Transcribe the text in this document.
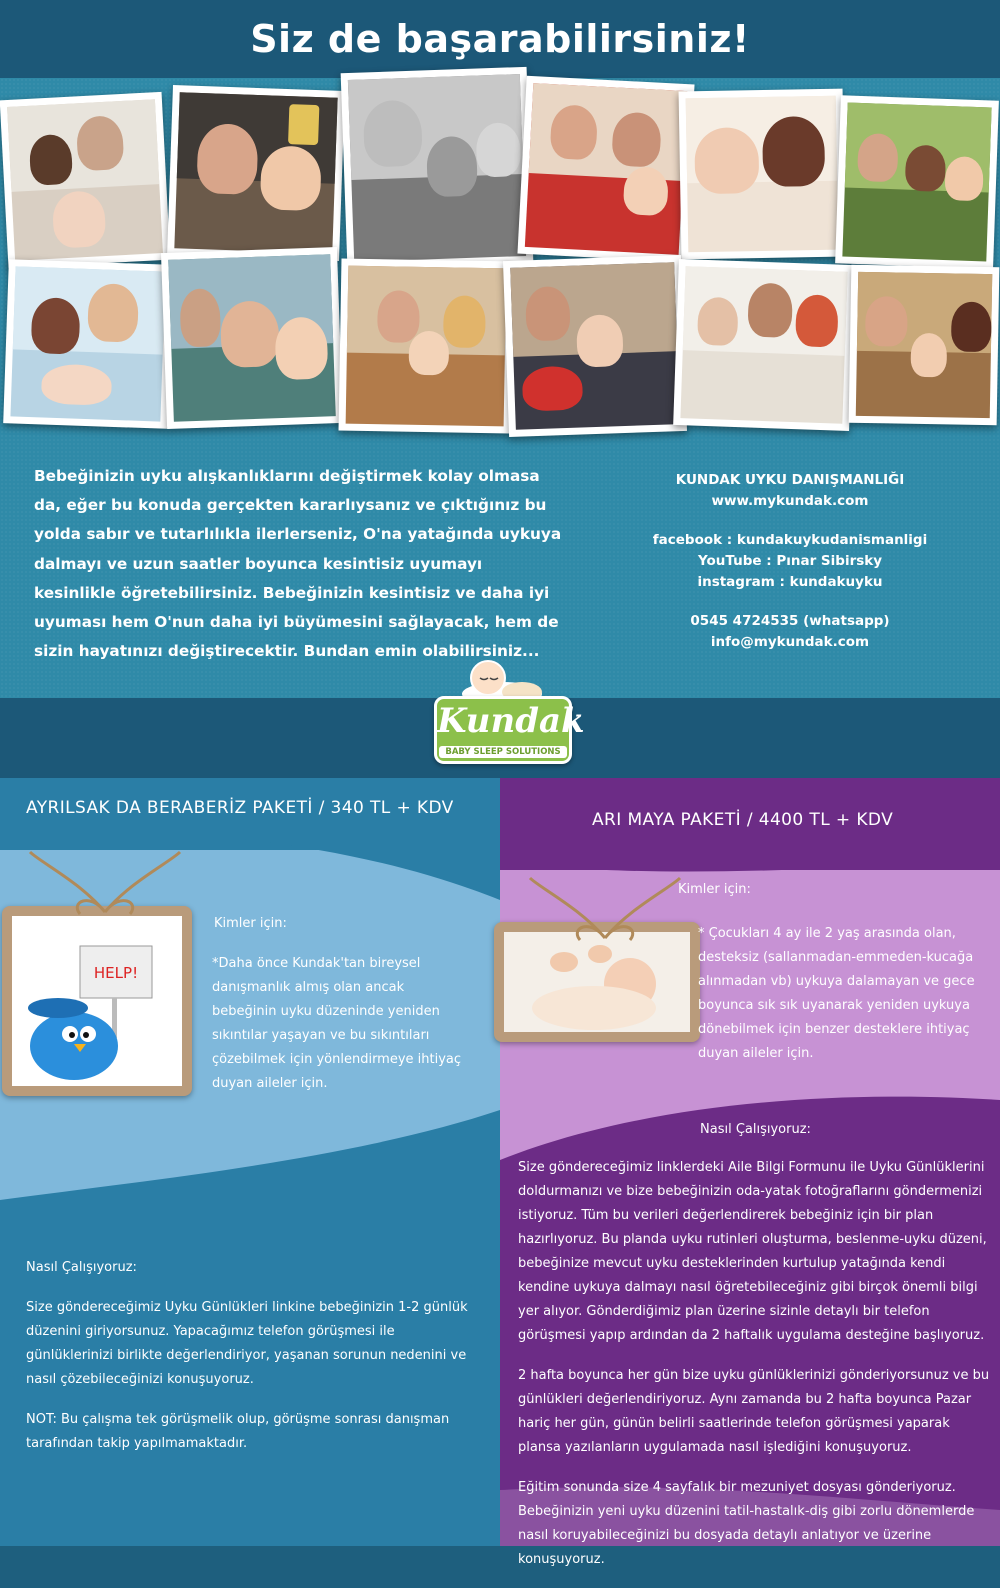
Siz de başarabilirsiniz!
Bebeğinizin uyku alışkanlıklarını değiştirmek kolay olmasa da, eğer bu konuda gerçekten kararlıysanız ve çıktığınız bu yolda sabır ve tutarlılıkla ilerlerseniz, O'na yatağında uykuya dalmayı ve uzun saatler boyunca kesintisiz uyumayı kesinlikle öğretebilirsiniz. Bebeğinizin kesintisiz ve daha iyi uyuması hem O'nun daha iyi büyümesini sağlayacak, hem de sizin hayatınızı değiştirecektir. Bundan emin olabilirsiniz...
KUNDAK UYKU DANIŞMANLIĞI
www.mykundak.com
facebook : kundakuykudanismanligi
YouTube : Pınar Sibirsky
instagram : kundakuyku
0545 4724535 (whatsapp)
info@mykundak.com
AYRILSAK DA BERABERİZ PAKETİ / 340 TL + KDV
ARI MAYA PAKETİ / 4400 TL + KDV
HELP!
Kimler için:
*Daha önce Kundak'tan bireysel danışmanlık almış olan ancak bebeğinin uyku düzeninde yeniden sıkıntılar yaşayan ve bu sıkıntıları çözebilmek için yönlendirmeye ihtiyaç duyan aileler için.
Nasıl Çalışıyoruz:

Size göndereceğimiz Uyku Günlükleri linkine bebeğinizin 1-2 günlük düzenini giriyorsunuz. Yapacağımız telefon görüşmesi ile günlüklerinizi birlikte değerlendiriyor, yaşanan sorunun nedenini ve nasıl çözebileceğinizi konuşuyoruz.

NOT: Bu çalışma tek görüşmelik olup, görüşme sonrası danışman tarafından takip yapılmamaktadır.

Kimler için:
* Çocukları 4 ay ile 2 yaş arasında olan, desteksiz (sallanmadan-emmeden-kucağa alınmadan vb) uykuya dalamayan ve gece boyunca sık sık uyanarak yeniden uykuya dönebilmek için benzer desteklere ihtiyaç duyan aileler için.
Nasıl Çalışıyoruz:

Size göndereceğimiz linklerdeki Aile Bilgi Formunu ile Uyku Günlüklerini doldurmanızı ve bize bebeğinizin oda-yatak fotoğraflarını göndermenizi istiyoruz. Tüm bu verileri değerlendirerek bebeğiniz için bir plan hazırlıyoruz. Bu planda uyku rutinleri oluşturma, beslenme-uyku düzeni, bebeğinize mevcut uyku desteklerinden kurtulup yatağında kendi kendine uykuya dalmayı nasıl öğretebileceğiniz gibi birçok önemli bilgi yer alıyor. Gönderdiğimiz plan üzerine sizinle detaylı bir telefon görüşmesi yapıp ardından da 2 haftalık uygulama desteğine başlıyoruz.

2 hafta boyunca her gün bize uyku günlüklerinizi gönderiyorsunuz ve bu günlükleri değerlendiriyoruz. Aynı zamanda bu 2 hafta boyunca Pazar hariç her gün, günün belirli saatlerinde telefon görüşmesi yaparak plansa yazılanların uygulamada nasıl işlediğini konuşuyoruz.

Eğitim sonunda size 4 sayfalık bir mezuniyet dosyası gönderiyoruz. Bebeğinizin yeni uyku düzenini tatil-hastalık-diş gibi zorlu dönemlerde nasıl koruyabileceğinizi bu dosyada detaylı anlatıyor ve üzerine konuşuyoruz.

Kundak
BABY SLEEP SOLUTIONS
